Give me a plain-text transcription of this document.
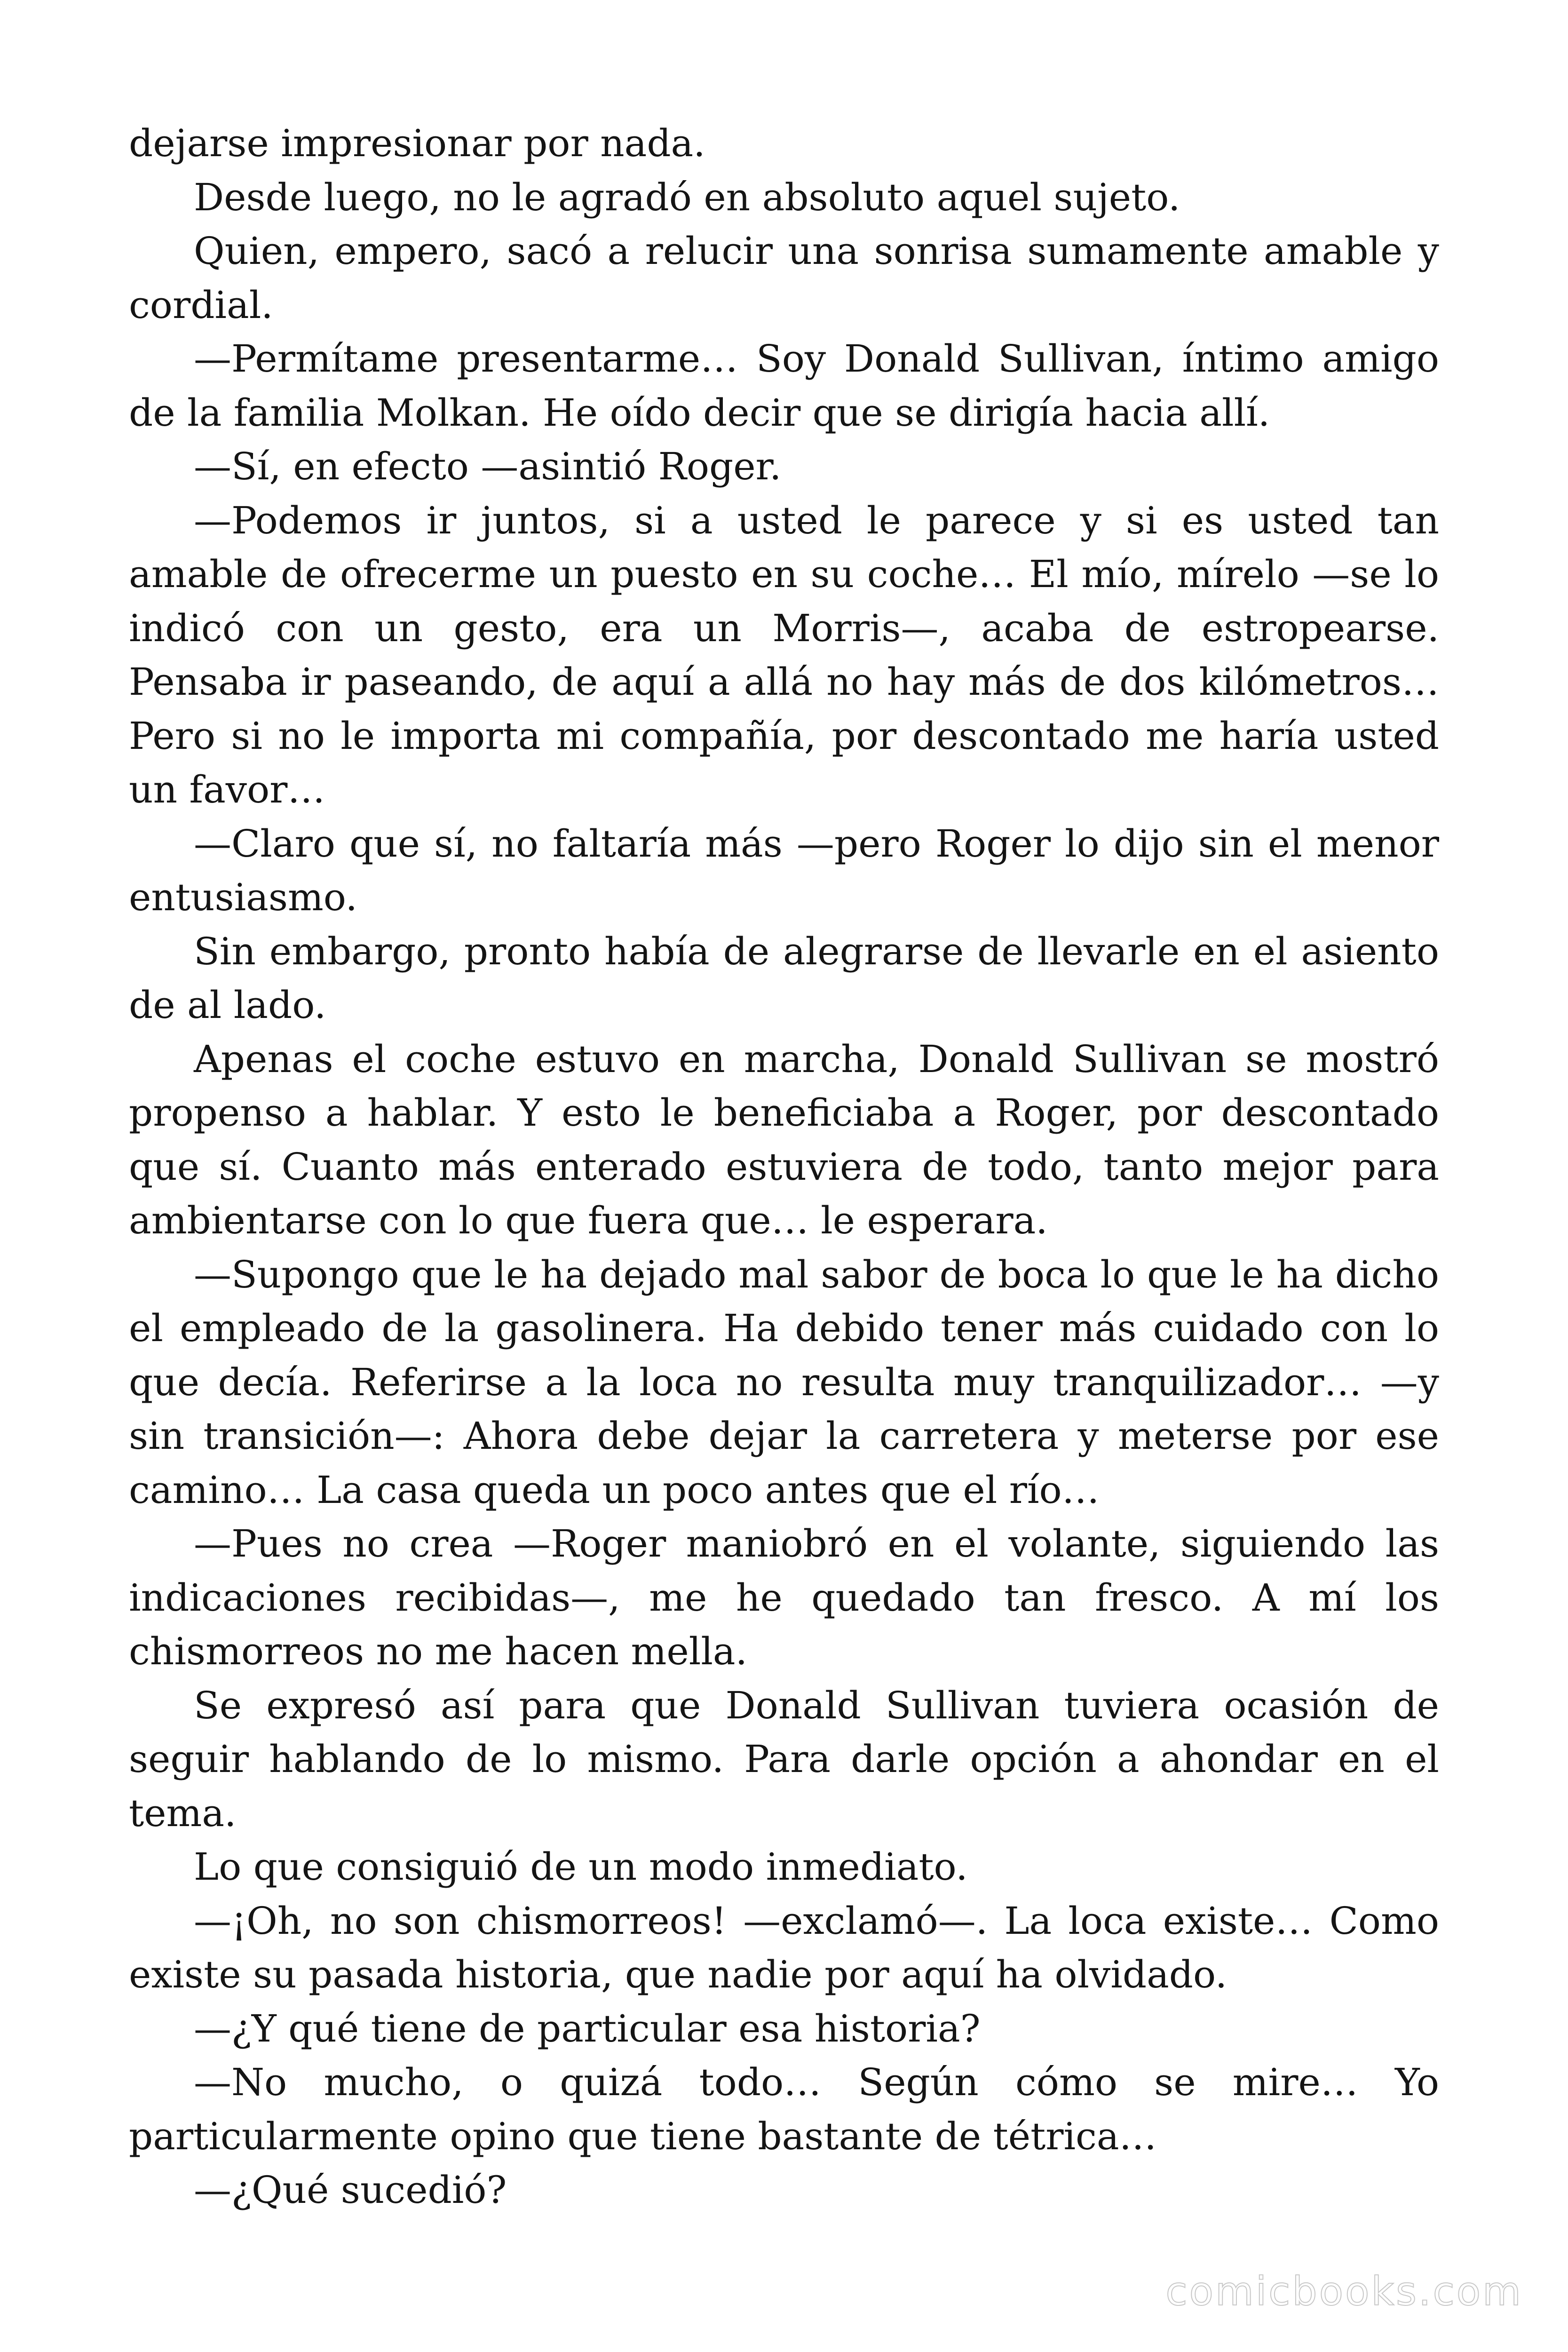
dejarse impresionar por nada.

Desde luego, no le agradó en absoluto aquel sujeto.

Quien, empero, sacó a relucir una sonrisa sumamente amable y cordial.

—Permítame presentarme… Soy Donald Sullivan, íntimo amigo de la familia Molkan. He oído decir que se dirigía hacia allí.

—Sí, en efecto —asintió Roger.

—Podemos ir juntos, si a usted le parece y si es usted tan amable de ofrecerme un puesto en su coche… El mío, mírelo —se lo indicó con un gesto, era un Morris—, acaba de estropearse. Pensaba ir paseando, de aquí a allá no hay más de dos kilómetros… Pero si no le importa mi compañía, por descontado me haría usted un favor…

—Claro que sí, no faltaría más —pero Roger lo dijo sin el menor entusiasmo.

Sin embargo, pronto había de alegrarse de llevarle en el asiento de al lado.

Apenas el coche estuvo en marcha, Donald Sullivan se mostró propenso a hablar. Y esto le beneficiaba a Roger, por descontado que sí. Cuanto más enterado estuviera de todo, tanto mejor para ambientarse con lo que fuera que… le esperara.

—Supongo que le ha dejado mal sabor de boca lo que le ha dicho el empleado de la gasolinera. Ha debido tener más cuidado con lo que decía. Referirse a la loca no resulta muy tranquilizador… —y sin transición—: Ahora debe dejar la carretera y meterse por ese camino… La casa queda un poco antes que el río…

—Pues no crea —Roger maniobró en el volante, siguiendo las indicaciones recibidas—, me he quedado tan fresco. A mí los chismorreos no me hacen mella.

Se expresó así para que Donald Sullivan tuviera ocasión de seguir hablando de lo mismo. Para darle opción a ahondar en el tema.

Lo que consiguió de un modo inmediato.

—¡Oh, no son chismorreos! —exclamó—. La loca existe… Como existe su pasada historia, que nadie por aquí ha olvidado.

—¿Y qué tiene de particular esa historia?

—No mucho, o quizá todo… Según cómo se mire… Yo particularmente opino que tiene bastante de tétrica…

—¿Qué sucedió?

comicbooks.com
